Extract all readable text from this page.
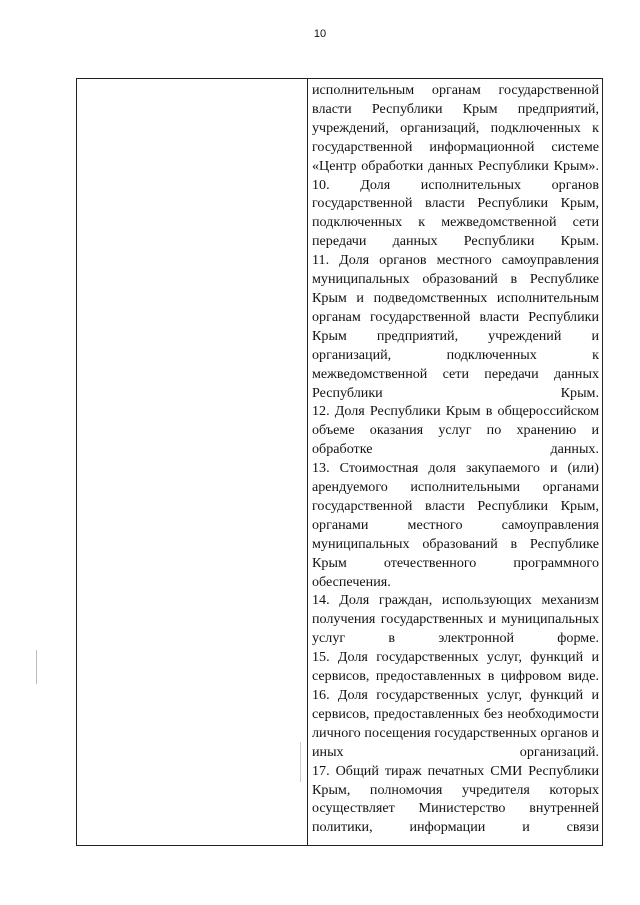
10

исполнительным органам государственной власти Республики Крым предприятий, учреждений, организаций, подключенных к государственной информационной системе «Центр обработки данных Республики Крым».

10. Доля исполнительных органов государственной власти Республики Крым, подключенных к межведомственной сети передачи данных Республики Крым.

11. Доля органов местного самоуправления муниципальных образований в Республике Крым и подведомственных исполнительным органам государственной власти Республики Крым предприятий, учреждений и организаций, подключенных к межведомственной сети передачи данных Республики Крым.

12. Доля Республики Крым в общероссийском объеме оказания услуг по хранению и обработке данных.

13. Стоимостная доля закупаемого и (или) арендуемого исполнительными органами государственной власти Республики Крым, органами местного самоуправления муниципальных образований в Республике Крым отечественного программного обеспечения.

14. Доля граждан, использующих механизм получения государственных и муниципальных услуг в электронной форме.

15. Доля государственных услуг, функций и сервисов, предоставленных в цифровом виде.

16. Доля государственных услуг, функций и сервисов, предоставленных без необходимости личного посещения государственных органов и иных организаций.

17. Общий тираж печатных СМИ Республики Крым, полномочия учредителя которых осуществляет Министерство внутренней политики, информации и связи
